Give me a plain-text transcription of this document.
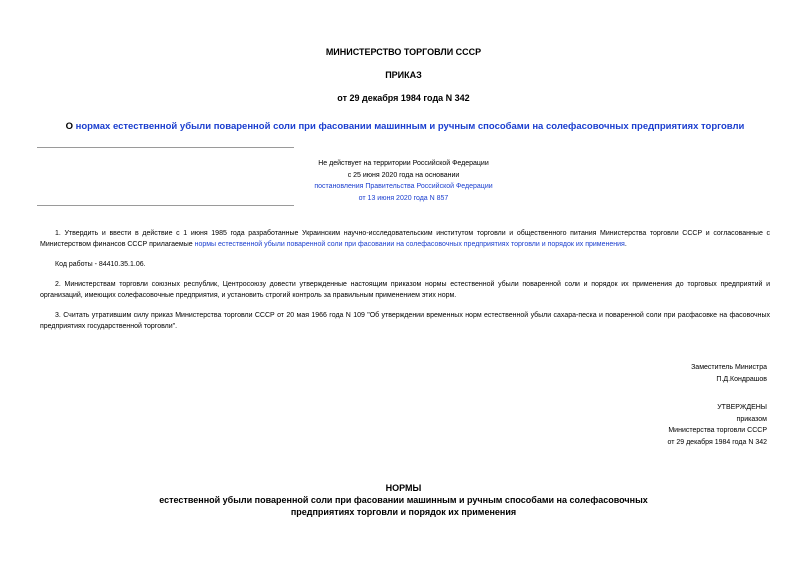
МИНИСТЕРСТВО ТОРГОВЛИ СССР
ПРИКАЗ
от 29 декабря 1984 года N 342
О нормах естественной убыли поваренной соли при фасовании машинным и ручным способами на солефасовочных предприятиях торговли
Не действует на территории Российской Федерации
с 25 июня 2020 года на основании
постановления Правительства Российской Федерации
от 13 июня 2020 года N 857
1. Утвердить и ввести в действие с 1 июня 1985 года разработанные Украинским научно-исследовательским институтом торговли и общественного питания Министерства торговли СССР и согласованные с Министерством финансов СССР прилагаемые нормы естественной убыли поваренной соли при фасовании на солефасовочных предприятиях торговли и порядок их применения.
Код работы - 84410.35.1.06.
2. Министерствам торговли союзных республик, Центросоюзу довести утвержденные настоящим приказом нормы естественной убыли поваренной соли и порядок их применения до торговых предприятий и организаций, имеющих солефасовочные предприятия, и установить строгий контроль за правильным применением этих норм.
3. Считать утратившим силу приказ Министерства торговли СССР от 20 мая 1966 года N 109 "Об утверждении временных норм естественной убыли сахара-песка и поваренной соли при расфасовке на фасовочных предприятиях государственной торговли".
Заместитель Министра
П.Д.Кондрашов
УТВЕРЖДЕНЫ
приказом
Министерства торговли СССР
от 29 декабря 1984 года N 342
НОРМЫ
естественной убыли поваренной соли при фасовании машинным и ручным способами на солефасовочных
предприятиях торговли и порядок их применения
